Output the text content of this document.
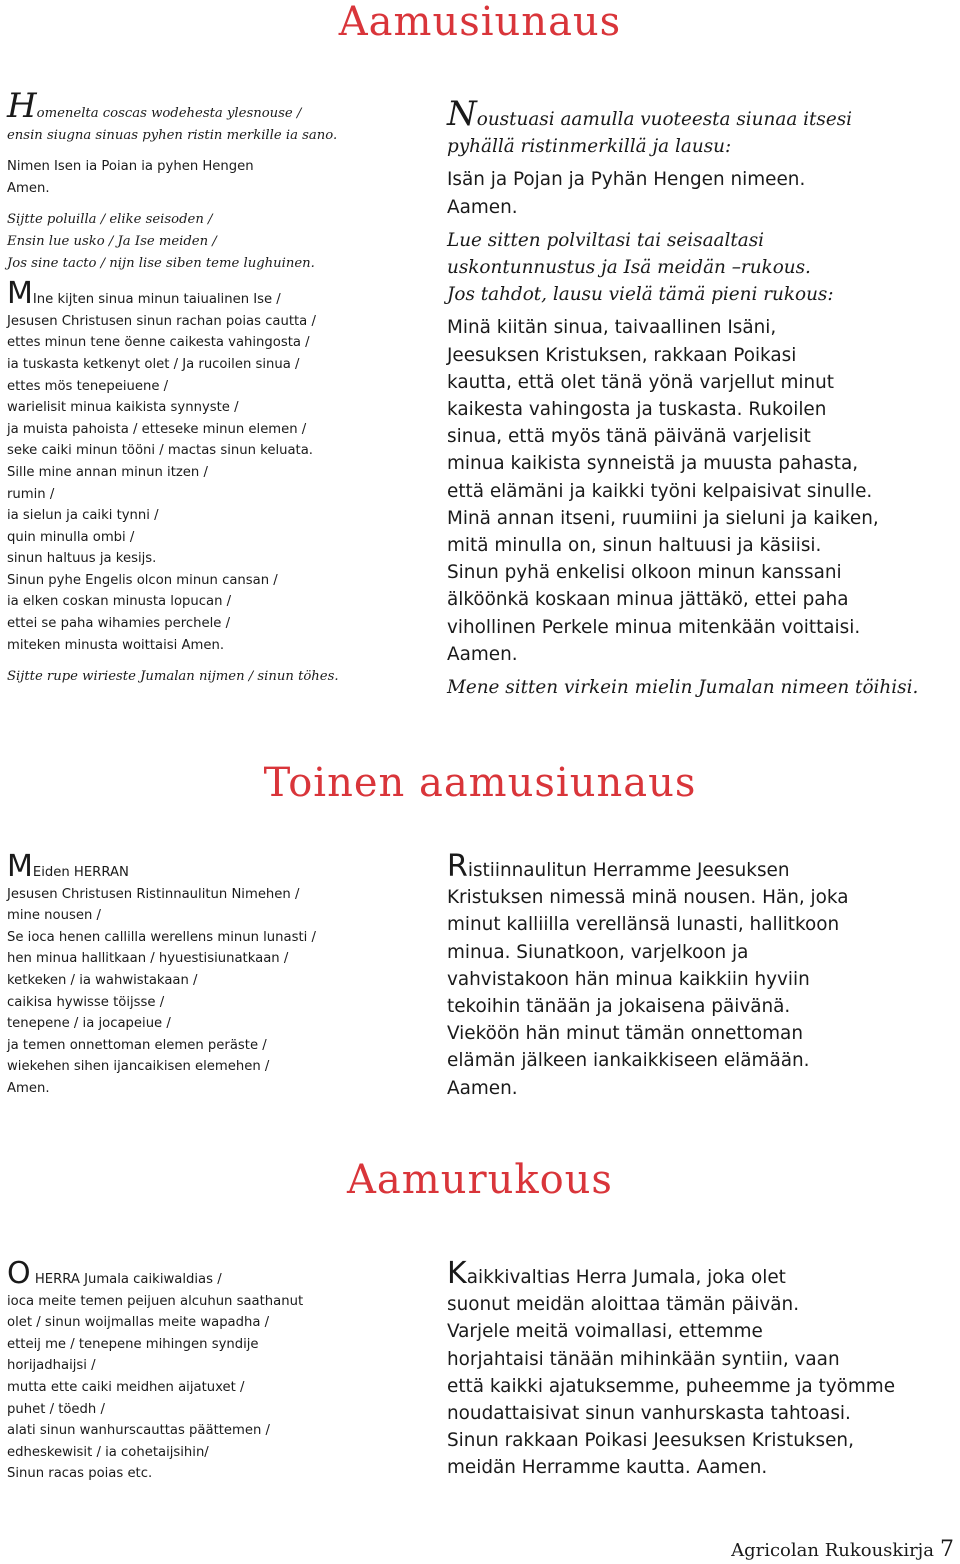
Aamusiunaus
Toinen aamusiunaus
Aamurukous

Homenelta coscas wodehesta ylesnouse /
ensin siugna sinuas pyhen ristin merkille ia sano.

Nimen Isen ia Poian ia pyhen Hengen
Amen.

Sijtte poluilla / elike seisoden /
Ensin lue usko / Ja Ise meiden /
Jos sine tacto / nijn lise siben teme lughuinen.

MIne kijten sinua minun taiualinen Ise /
Jesusen Christusen sinun rachan poias cautta /
ettes minun tene öenne caikesta vahingosta /
ia tuskasta ketkenyt olet / Ja rucoilen sinua /
ettes mös tenepeiuene /
warielisit minua kaikista synnyste /
ja muista pahoista / etteseke minun elemen /
seke caiki minun tööni / mactas sinun keluata.
Sille mine annan minun itzen /
rumin /
ia sielun ja caiki tynni /
quin minulla ombi /
sinun haltuus ja kesijs.
Sinun pyhe Engelis olcon minun cansan /
ia elken coskan minusta lopucan /
ettei se paha wihamies perchele /
miteken minusta woittaisi Amen.

Sijtte rupe wirieste Jumalan nijmen / sinun töhes.

Noustuasi aamulla vuoteesta siunaa itsesi
pyhällä ristinmerkillä ja lausu:

Isän ja Pojan ja Pyhän Hengen nimeen.
Aamen.

Lue sitten polviltasi tai seisaaltasi
uskontunnustus ja Isä meidän –rukous.
Jos tahdot, lausu vielä tämä pieni rukous:

Minä kiitän sinua, taivaallinen Isäni,
Jeesuksen Kristuksen, rakkaan Poikasi
kautta, että olet tänä yönä varjellut minut
kaikesta vahingosta ja tuskasta. Rukoilen
sinua, että myös tänä päivänä varjelisit
minua kaikista synneistä ja muusta pahasta,
että elämäni ja kaikki työni kelpaisivat sinulle.
Minä annan itseni, ruumiini ja sieluni ja kaiken,
mitä minulla on, sinun haltuusi ja käsiisi.
Sinun pyhä enkelisi olkoon minun kanssani
älköönkä koskaan minua jättäkö, ettei paha
vihollinen Perkele minua mitenkään voittaisi.
Aamen.

Mene sitten virkein mielin Jumalan nimeen töihisi.

MEiden HERRAN

Jesusen Christusen Ristinnaulitun Nimehen /
mine nousen /
Se ioca henen callilla werellens minun lunasti /
hen minua hallitkaan / hyuestisiunatkaan /
ketkeken / ia wahwistakaan /
caikisa hywisse töijsse /
tenepene / ia jocapeiue /
ja temen onnettoman elemen peräste /
wiekehen sihen ijancaikisen elemehen /
Amen.

Ristiinnaulitun Herramme Jeesuksen
Kristuksen nimessä minä nousen. Hän, joka
minut kalliilla verellänsä lunasti, hallitkoon
minua. Siunatkoon, varjelkoon ja
vahvistakoon hän minua kaikkiin hyviin
tekoihin tänään ja jokaisena päivänä.
Vieköön hän minut tämän onnettoman
elämän jälkeen iankaikkiseen elämään.
Aamen.

O HERRA Jumala caikiwaldias /

ioca meite temen peijuen alcuhun saathanut
olet / sinun woijmallas meite wapadha /
etteij me / tenepene mihingen syndije
horijadhaijsi /
mutta ette caiki meidhen aijatuxet /
puhet / töedh /
alati sinun wanhurscauttas päättemen /
edheskewisit / ia cohetaijsihin/
Sinun racas poias etc.

Kaikkivaltias Herra Jumala, joka olet
suonut meidän aloittaa tämän päivän.
Varjele meitä voimallasi, ettemme
horjahtaisi tänään mihinkään syntiin, vaan
että kaikki ajatuksemme, puheemme ja työmme
noudattaisivat sinun vanhurskasta tahtoasi.
Sinun rakkaan Poikasi Jeesuksen Kristuksen,
meidän Herramme kautta. Aamen.

Agricolan Rukouskirja 7
